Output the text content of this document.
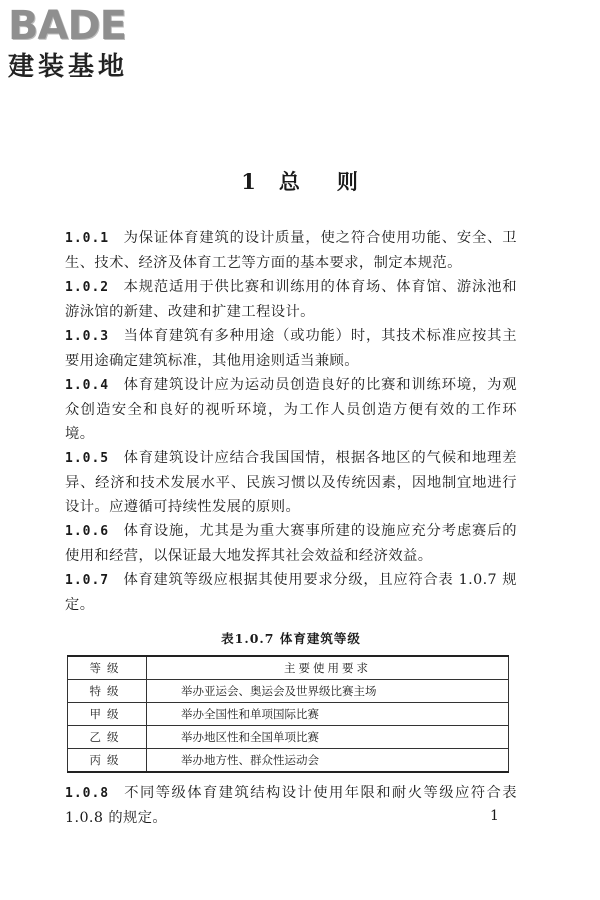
BADE
建装基地
1 总 则

1.0.1 为保证体育建筑的设计质量，使之符合使用功能、安全、卫生、技术、经济及体育工艺等方面的基本要求，制定本规范。

1.0.2 本规范适用于供比赛和训练用的体育场、体育馆、游泳池和游泳馆的新建、改建和扩建工程设计。

1.0.3 当体育建筑有多种用途（或功能）时，其技术标准应按其主要用途确定建筑标准，其他用途则适当兼顾。

1.0.4 体育建筑设计应为运动员创造良好的比赛和训练环境，为观众创造安全和良好的视听环境，为工作人员创造方便有效的工作环境。

1.0.5 体育建筑设计应结合我国国情，根据各地区的气候和地理差异、经济和技术发展水平、民族习惯以及传统因素，因地制宜地进行设计。应遵循可持续性发展的原则。

1.0.6 体育设施，尤其是为重大赛事所建的设施应充分考虑赛后的使用和经营，以保证最大地发挥其社会效益和经济效益。

1.0.7 体育建筑等级应根据其使用要求分级，且应符合表 1.0.7 规定。

表1.0.7 体育建筑等级
等级	主要使用要求
特级	举办亚运会、奥运会及世界级比赛主场
甲级	举办全国性和单项国际比赛
乙级	举办地区性和全国单项比赛
丙级	举办地方性、群众性运动会

1.0.8 不同等级体育建筑结构设计使用年限和耐火等级应符合表 1.0.8 的规定。	1
